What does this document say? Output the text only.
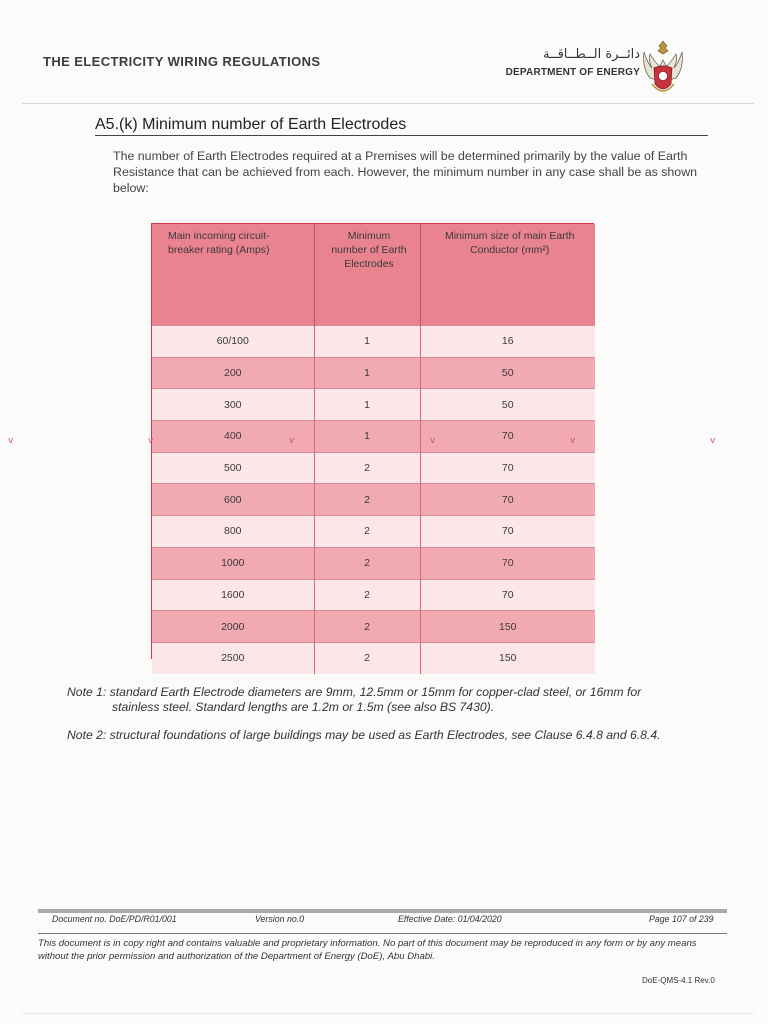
THE ELECTRICITY WIRING REGULATIONS	دائــرة الــطــاقــة
DEPARTMENT OF ENERGY
A5.(k) Minimum number of Earth Electrodes
The number of Earth Electrodes required at a Premises will be determined primarily by the value of Earth Resistance that can be achieved from each. However, the minimum number in any case shall be as shown below:
Main incoming circuit-breaker rating (Amps)	Minimum number of Earth Electrodes	Minimum size of main Earth Conductor (mm²)
60/100	1	16
200	1	50
300	1	50
400	1	70
500	2	70
600	2	70
800	2	70
1000	2	70
1600	2	70
2000	2	150
2500	2	150
v	v	v	v	v	v
Note 1: standard Earth Electrode diameters are 9mm, 12.5mm or 15mm for copper-clad steel, or 16mm for
stainless steel. Standard lengths are 1.2m or 1.5m (see also BS 7430).
Note 2: structural foundations of large buildings may be used as Earth Electrodes, see Clause 6.4.8 and 6.8.4.
Document no. DoE/PD/R01/001	Version no.0	Effective Date: 01/04/2020	Page 107 of 239
This document is in copy right and contains valuable and proprietary information. No part of this document may be reproduced in any form or by any means without the prior permission and authorization of the Department of Energy (DoE), Abu Dhabi.
DoE-QMS-4.1 Rev.0
